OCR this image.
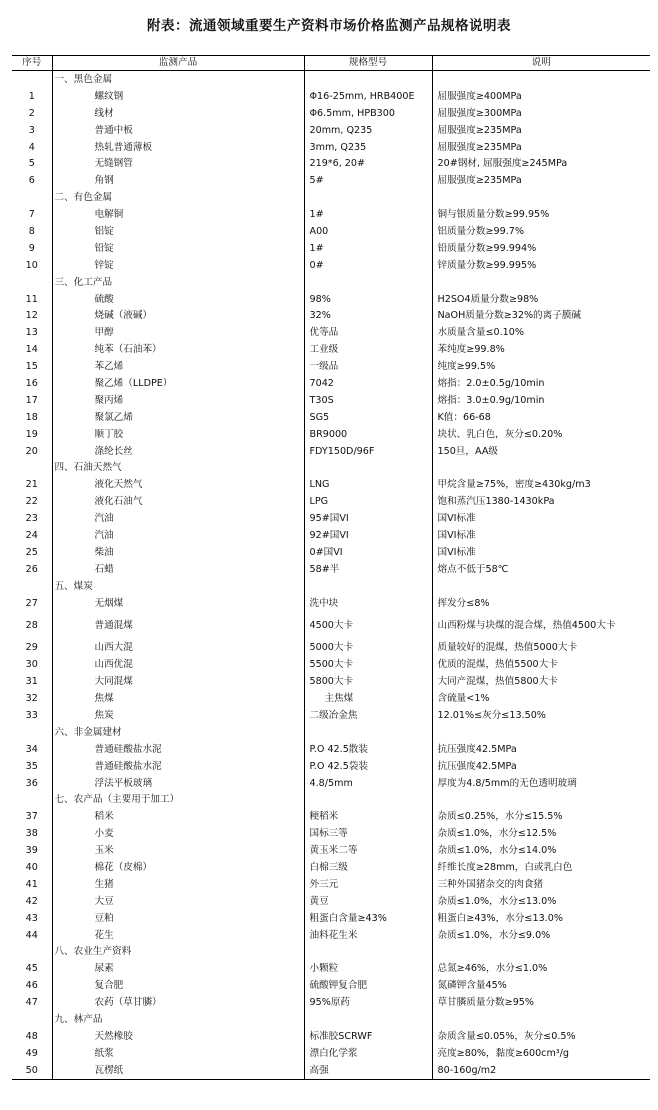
附表：流通领域重要生产资料市场价格监测产品规格说明表
序号	监测产品	规格型号	说明
	一、黑色金属		
1	螺纹钢	Φ16-25mm, HRB400E	屈服强度≥400MPa
2	线材	Φ6.5mm, HPB300	屈服强度≥300MPa
3	普通中板	20mm, Q235	屈服强度≥235MPa
4	热轧普通薄板	3mm, Q235	屈服强度≥235MPa
5	无缝钢管	219*6, 20#	20#钢材, 屈服强度≥245MPa
6	角钢	5#	屈服强度≥235MPa
	二、有色金属		
7	电解铜	1#	铜与银质量分数≥99.95%
8	铝锭	A00	铝质量分数≥99.7%
9	铅锭	1#	铅质量分数≥99.994%
10	锌锭	0#	锌质量分数≥99.995%
	三、化工产品		
11	硫酸	98%	H2SO4质量分数≥98%
12	烧碱（液碱）	32%	NaOH质量分数≥32%的离子膜碱
13	甲醇	优等品	水质量含量≤0.10%
14	纯苯（石油苯）	工业级	苯纯度≥99.8%
15	苯乙烯	一级品	纯度≥99.5%
16	聚乙烯（LLDPE）	7042	熔指：2.0±0.5g/10min
17	聚丙烯	T30S	熔指：3.0±0.9g/10min
18	聚氯乙烯	SG5	K值：66-68
19	顺丁胶	BR9000	块状、乳白色，灰分≤0.20%
20	涤纶长丝	FDY150D/96F	150旦，AA级
	四、石油天然气		
21	液化天然气	LNG	甲烷含量≥75%，密度≥430kg/m3
22	液化石油气	LPG	饱和蒸汽压1380-1430kPa
23	汽油	95#国VI	国VI标准
24	汽油	92#国VI	国VI标准
25	柴油	0#国VI	国VI标准
26	石蜡	58#半	熔点不低于58℃
	五、煤炭		
27	无烟煤	洗中块	挥发分≤8%
28	普通混煤	4500大卡	山西粉煤与块煤的混合煤，热值4500大卡
29	山西大混	5000大卡	质量较好的混煤，热值5000大卡
30	山西优混	5500大卡	优质的混煤，热值5500大卡
31	大同混煤	5800大卡	大同产混煤，热值5800大卡
32	焦煤	主焦煤	含硫量<1%
33	焦炭	二级冶金焦	12.01%≤灰分≤13.50%
	六、非金属建材		
34	普通硅酸盐水泥	P.O 42.5散装	抗压强度42.5MPa
35	普通硅酸盐水泥	P.O 42.5袋装	抗压强度42.5MPa
36	浮法平板玻璃	4.8/5mm	厚度为4.8/5mm的无色透明玻璃
	七、农产品（主要用于加工）		
37	稻米	粳稻米	杂质≤0.25%，水分≤15.5%
38	小麦	国标三等	杂质≤1.0%，水分≤12.5%
39	玉米	黄玉米二等	杂质≤1.0%，水分≤14.0%
40	棉花（皮棉）	白棉三级	纤维长度≥28mm，白或乳白色
41	生猪	外三元	三种外国猪杂交的肉食猪
42	大豆	黄豆	杂质≤1.0%，水分≤13.0%
43	豆粕	粗蛋白含量≥43%	粗蛋白≥43%，水分≤13.0%
44	花生	油料花生米	杂质≤1.0%，水分≤9.0%
	八、农业生产资料		
45	尿素	小颗粒	总氮≥46%，水分≤1.0%
46	复合肥	硫酸钾复合肥	氮磷钾含量45%
47	农药（草甘膦）	95%原药	草甘膦质量分数≥95%
	九、林产品		
48	天然橡胶	标准胶SCRWF	杂质含量≤0.05%，灰分≤0.5%
49	纸浆	漂白化学浆	亮度≥80%，黏度≥600cm³/g
50	瓦楞纸	高强	80-160g/m2
